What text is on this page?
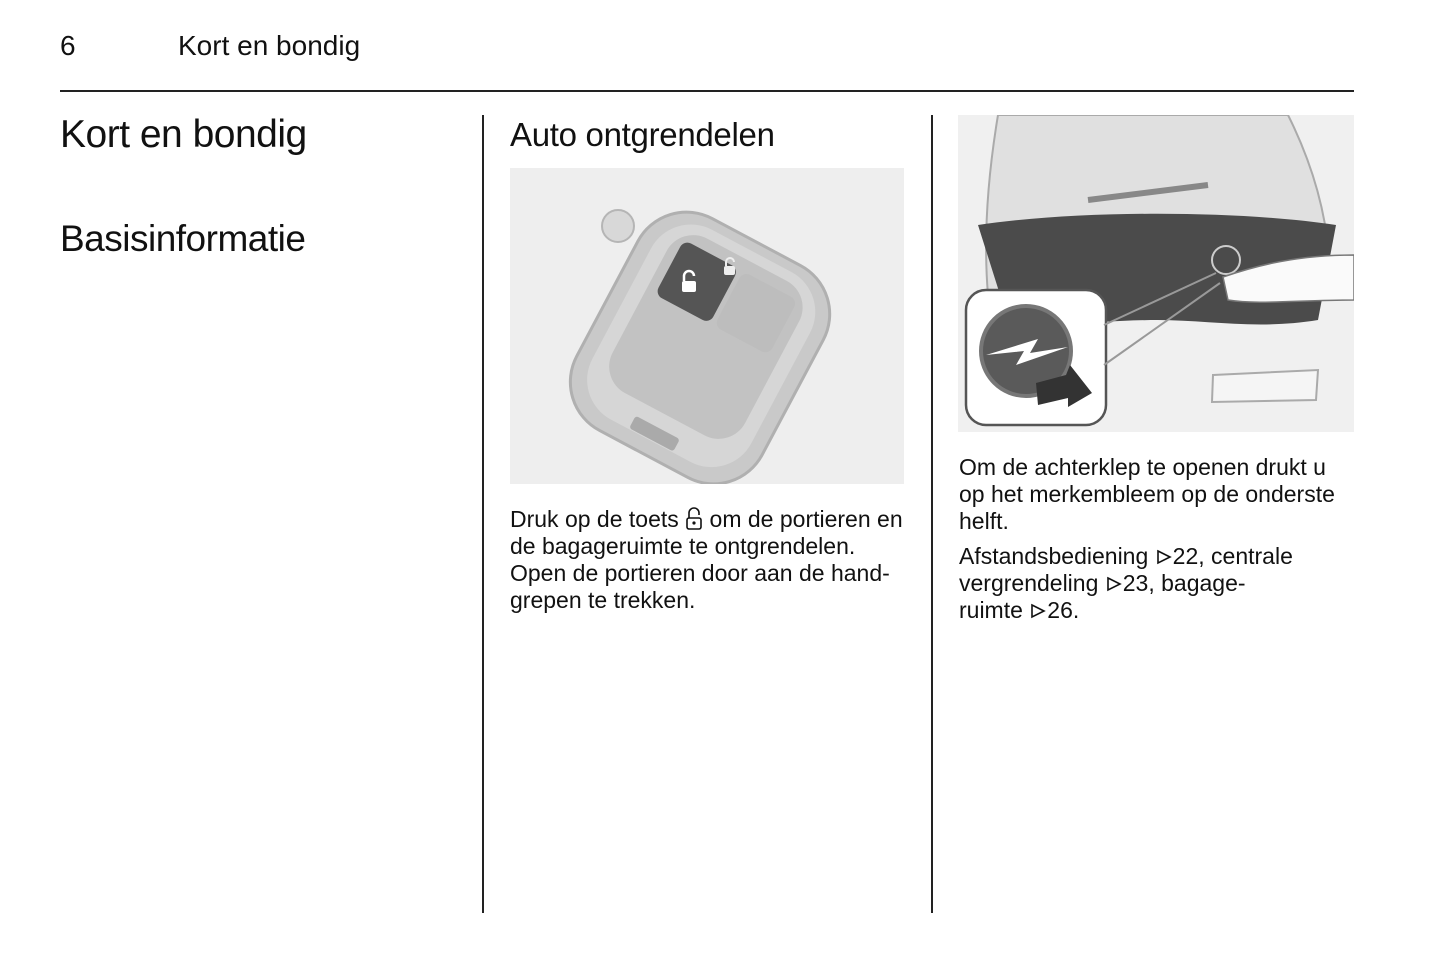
6	Kort en bondig
Kort en bondig
Basisinformatie
Auto ontgrendelen
Druk op de toets om de portieren en
de bagageruimte te ontgrendelen.
Open de portieren door aan de hand-
grepen te trekken.
Om de achterklep te openen drukt u
op het merkembleem op de onderste
helft.
Afstandsbediening 22, centrale
vergrendeling 23, bagage-
ruimte 26.
